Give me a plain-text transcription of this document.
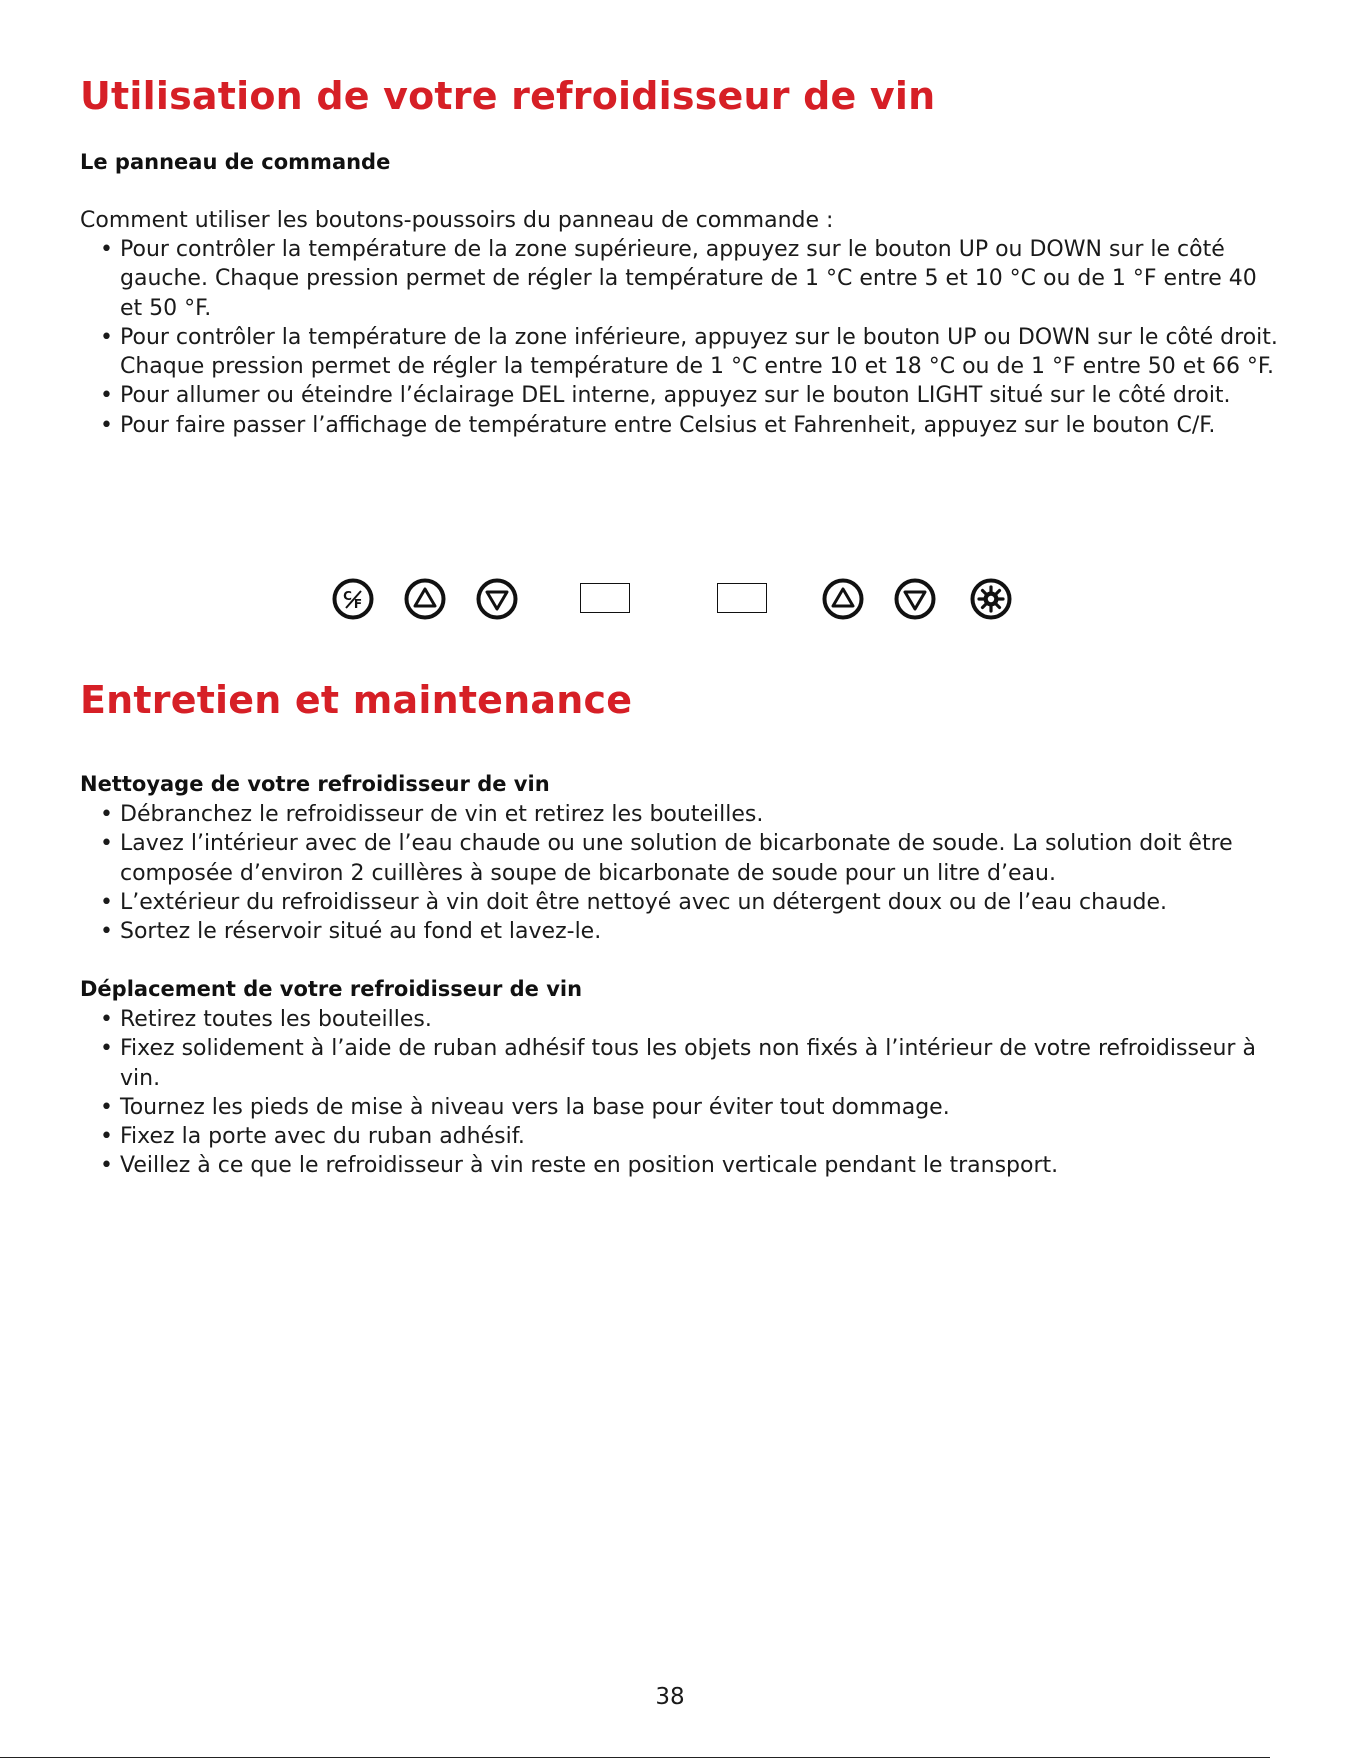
Utilisation de votre refroidisseur de vin
Le panneau de commande

Comment utiliser les boutons-poussoirs du panneau de commande :

• Pour contrôler la température de la zone supérieure, appuyez sur le bouton UP ou DOWN sur le côté gauche. Chaque pression permet de régler la température de 1 °C entre 5 et 10 °C ou de 1 °F entre 40 et 50 °F.
• Pour contrôler la température de la zone inférieure, appuyez sur le bouton UP ou DOWN sur le côté droit. Chaque pression permet de régler la température de 1 °C entre 10 et 18 °C ou de 1 °F entre 50 et 66 °F.
• Pour allumer ou éteindre l’éclairage DEL interne, appuyez sur le bouton LIGHT situé sur le côté droit.
• Pour faire passer l’affichage de température entre Celsius et Fahrenheit, appuyez sur le bouton C/F.
C
F
Entretien et maintenance
Nettoyage de votre refroidisseur de vin
• Débranchez le refroidisseur de vin et retirez les bouteilles.
• Lavez l’intérieur avec de l’eau chaude ou une solution de bicarbonate de soude. La solution doit être composée d’environ 2 cuillères à soupe de bicarbonate de soude pour un litre d’eau.
• L’extérieur du refroidisseur à vin doit être nettoyé avec un détergent doux ou de l’eau chaude.
• Sortez le réservoir situé au fond et lavez-le.
Déplacement de votre refroidisseur de vin
• Retirez toutes les bouteilles.
• Fixez solidement à l’aide de ruban adhésif tous les objets non fixés à l’intérieur de votre refroidisseur à vin.
• Tournez les pieds de mise à niveau vers la base pour éviter tout dommage.
• Fixez la porte avec du ruban adhésif.
• Veillez à ce que le refroidisseur à vin reste en position verticale pendant le transport.
38
